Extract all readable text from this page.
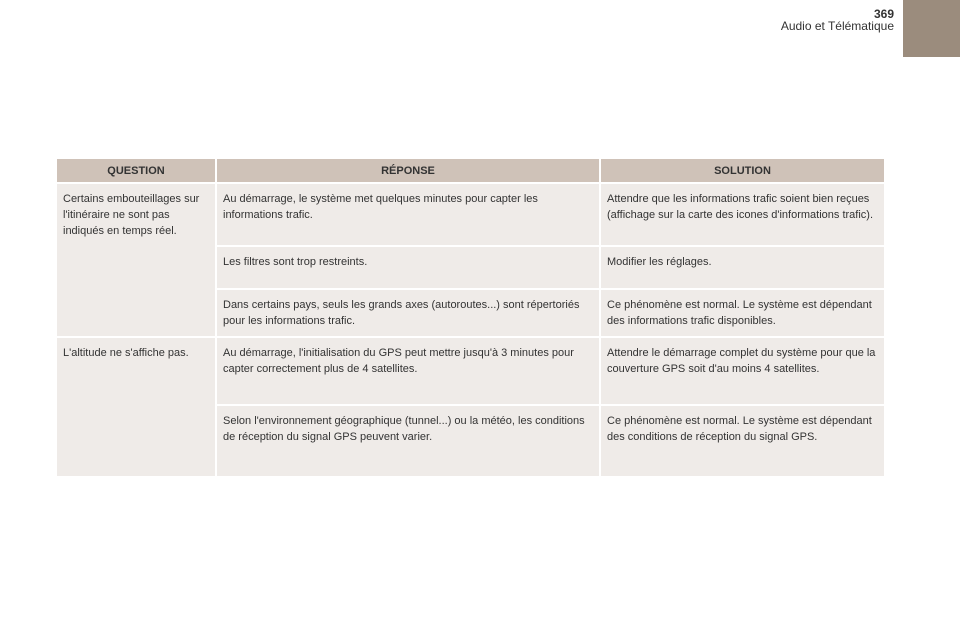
369
Audio et Télématique
QUESTION	RÉPONSE	SOLUTION
Certains embouteillages sur l'itinéraire ne sont pas indiqués en temps réel.	Au démarrage, le système met quelques minutes pour capter les informations trafic.	Attendre que les informations trafic soient bien reçues (affichage sur la carte des icones d'informations trafic).
	Les filtres sont trop restreints.	Modifier les réglages.
	Dans certains pays, seuls les grands axes (autoroutes...) sont répertoriés pour les informations trafic.	Ce phénomène est normal. Le système est dépendant des informations trafic disponibles.
L'altitude ne s'affiche pas.	Au démarrage, l'initialisation du GPS peut mettre jusqu'à 3 minutes pour capter correctement plus de 4 satellites.	Attendre le démarrage complet du système pour que la couverture GPS soit d'au moins 4 satellites.
	Selon l'environnement géographique (tunnel...) ou la météo, les conditions de réception du signal GPS peuvent varier.	Ce phénomène est normal. Le système est dépendant des conditions de réception du signal GPS.
